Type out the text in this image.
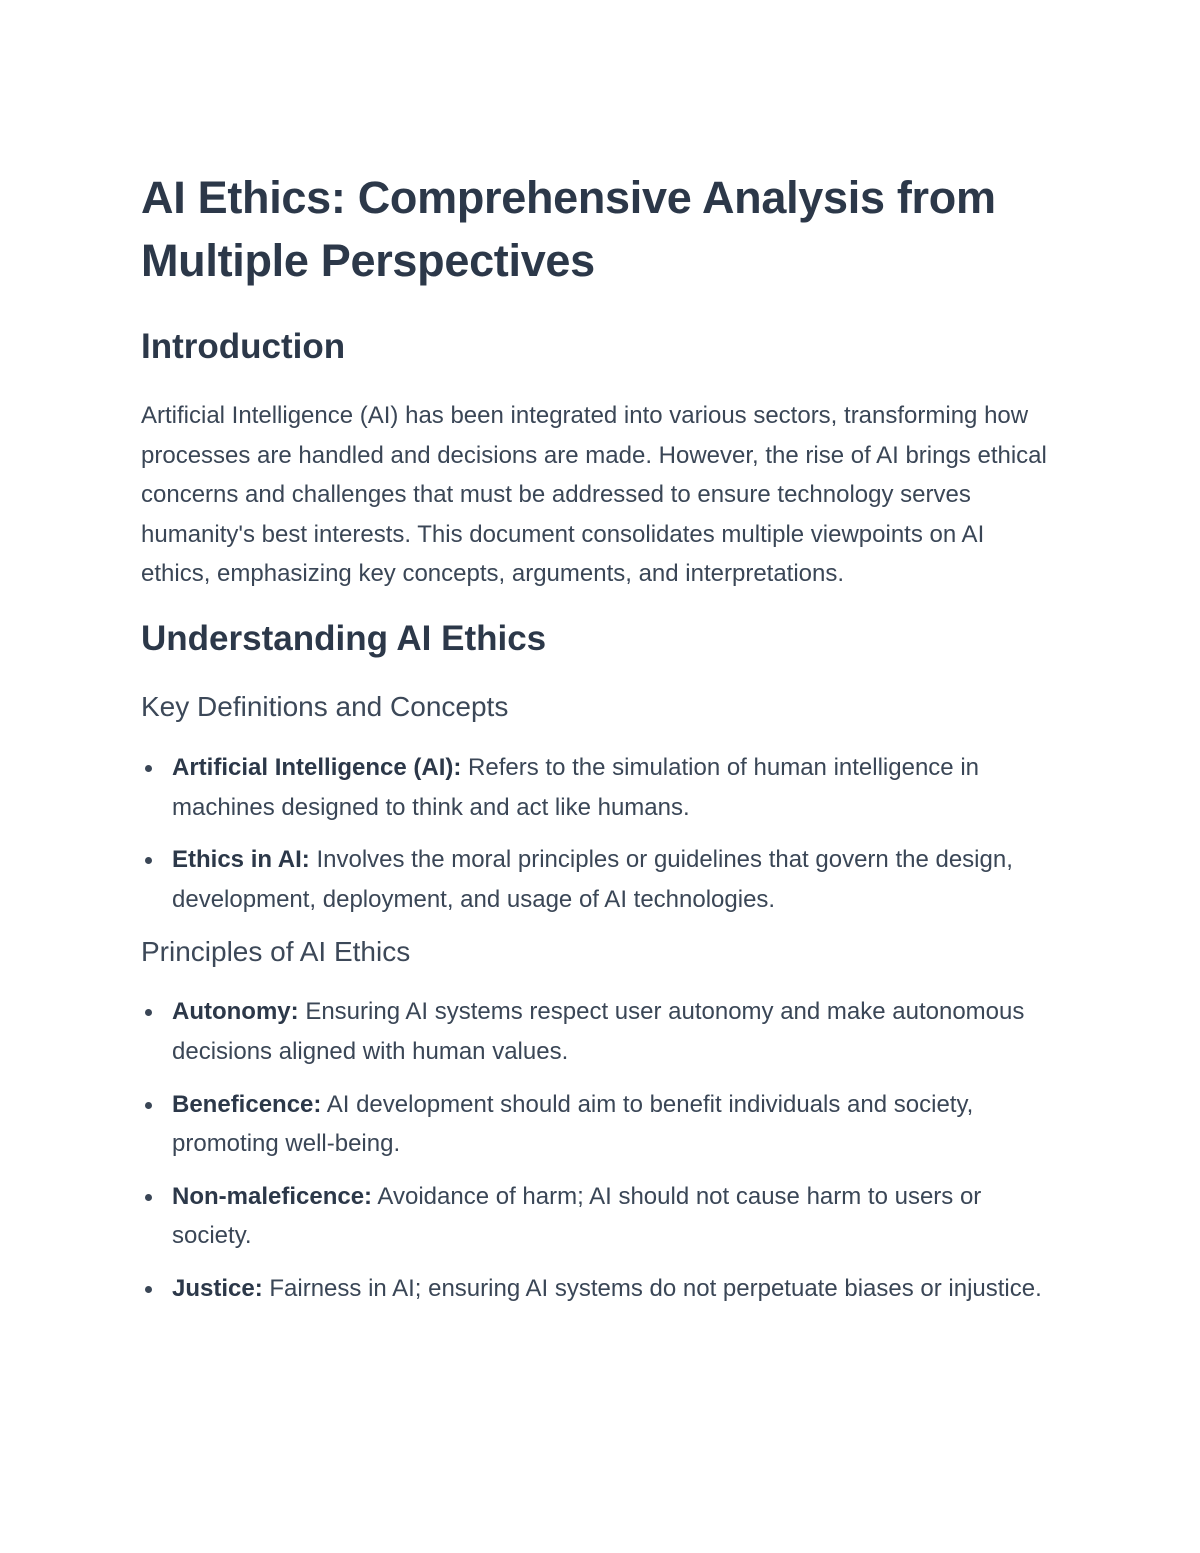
AI Ethics: Comprehensive Analysis from Multiple Perspectives
Introduction

Artificial Intelligence (AI) has been integrated into various sectors, transforming how processes are handled and decisions are made. However, the rise of AI brings ethical concerns and challenges that must be addressed to ensure technology serves humanity's best interests. This document consolidates multiple viewpoints on AI ethics, emphasizing key concepts, arguments, and interpretations.

Understanding AI Ethics
Key Definitions and Concepts
Artificial Intelligence (AI): Refers to the simulation of human intelligence in machines designed to think and act like humans.
Ethics in AI: Involves the moral principles or guidelines that govern the design, development, deployment, and usage of AI technologies.
Principles of AI Ethics
Autonomy: Ensuring AI systems respect user autonomy and make autonomous decisions aligned with human values.
Beneficence: AI development should aim to benefit individuals and society, promoting well-being.
Non-maleficence: Avoidance of harm; AI should not cause harm to users or society.
Justice: Fairness in AI; ensuring AI systems do not perpetuate biases or injustice.
